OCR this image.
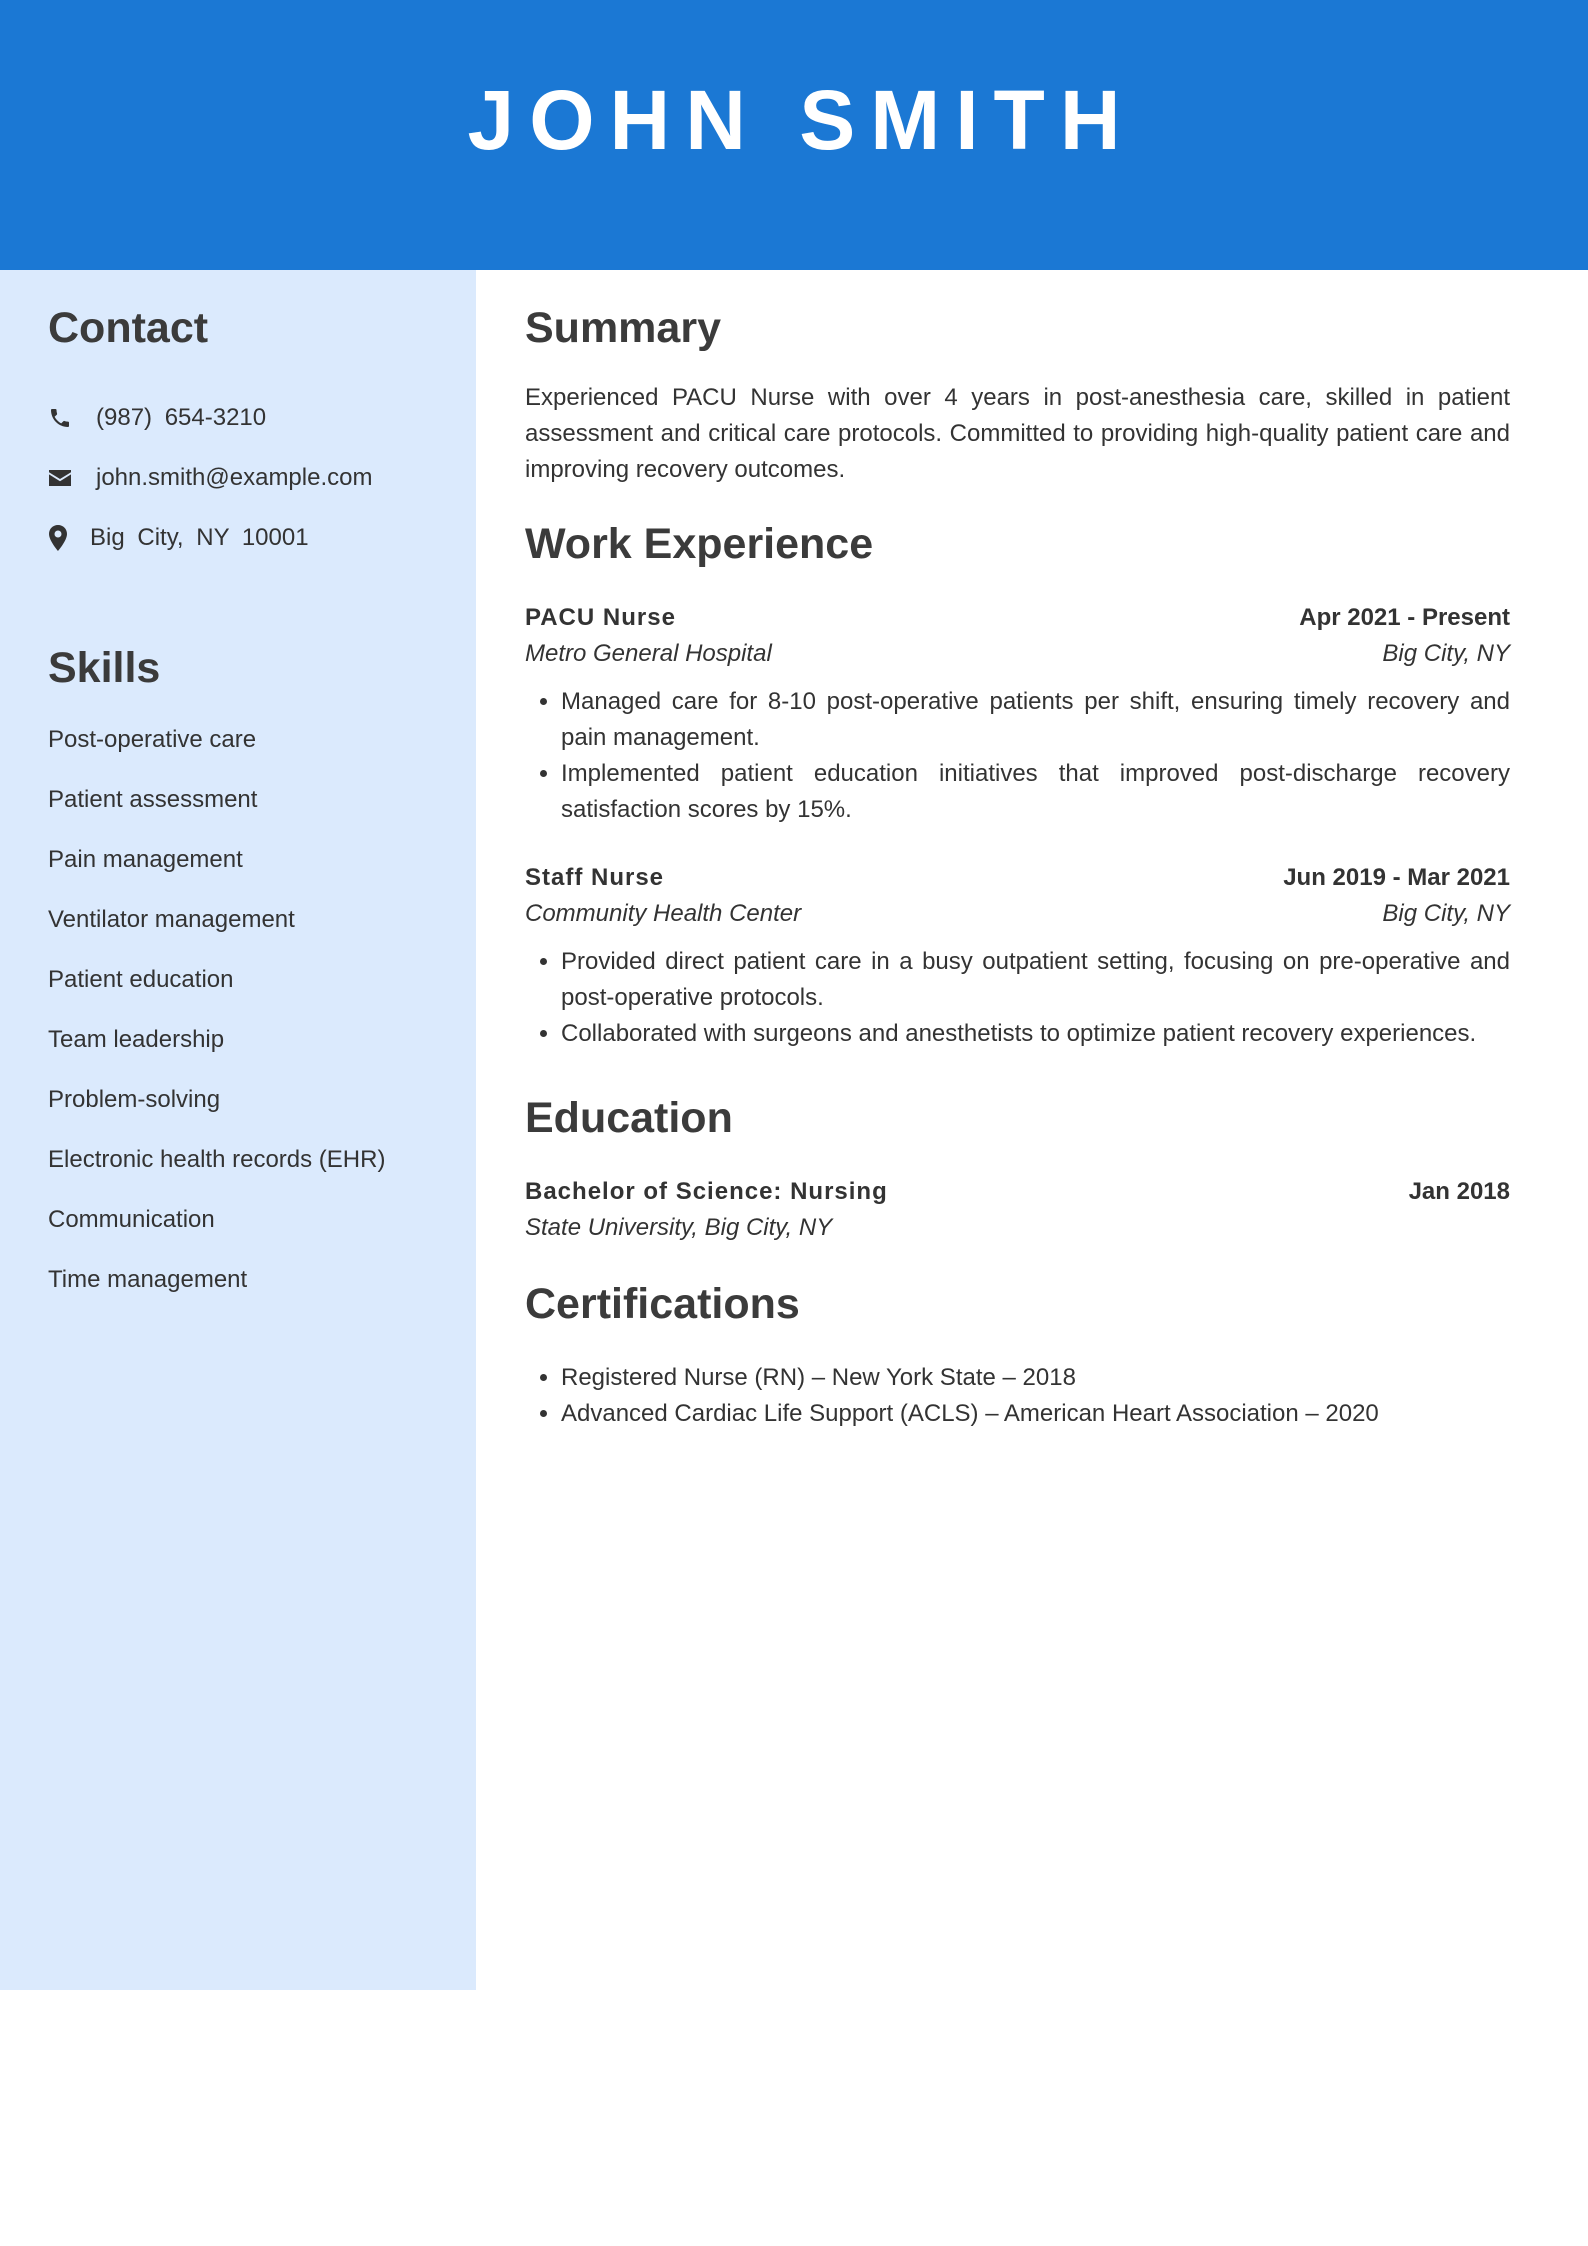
JOHN SMITH
Contact
(987) 654-3210
john.smith@example.com
Big City, NY 10001
Skills
Post-operative care
Patient assessment
Pain management
Ventilator management
Patient education
Team leadership
Problem-solving
Electronic health records (EHR)
Communication
Time management
Summary
Experienced PACU Nurse with over 4 years in post-anesthesia care, skilled in patient assessment and critical care protocols. Committed to providing high-quality patient care and improving recovery outcomes.
Work Experience
PACU Nurse	Apr 2021 - Present
Metro General Hospital	Big City, NY
• Managed care for 8-10 post-operative patients per shift, ensuring timely recovery and pain management.
• Implemented patient education initiatives that improved post-discharge recovery satisfaction scores by 15%.
Staff Nurse	Jun 2019 - Mar 2021
Community Health Center	Big City, NY
• Provided direct patient care in a busy outpatient setting, focusing on pre-operative and post-operative protocols.
• Collaborated with surgeons and anesthetists to optimize patient recovery experiences.
Education
Bachelor of Science: Nursing	Jan 2018
State University, Big City, NY
Certifications
• Registered Nurse (RN) – New York State – 2018
• Advanced Cardiac Life Support (ACLS) – American Heart Association – 2020
